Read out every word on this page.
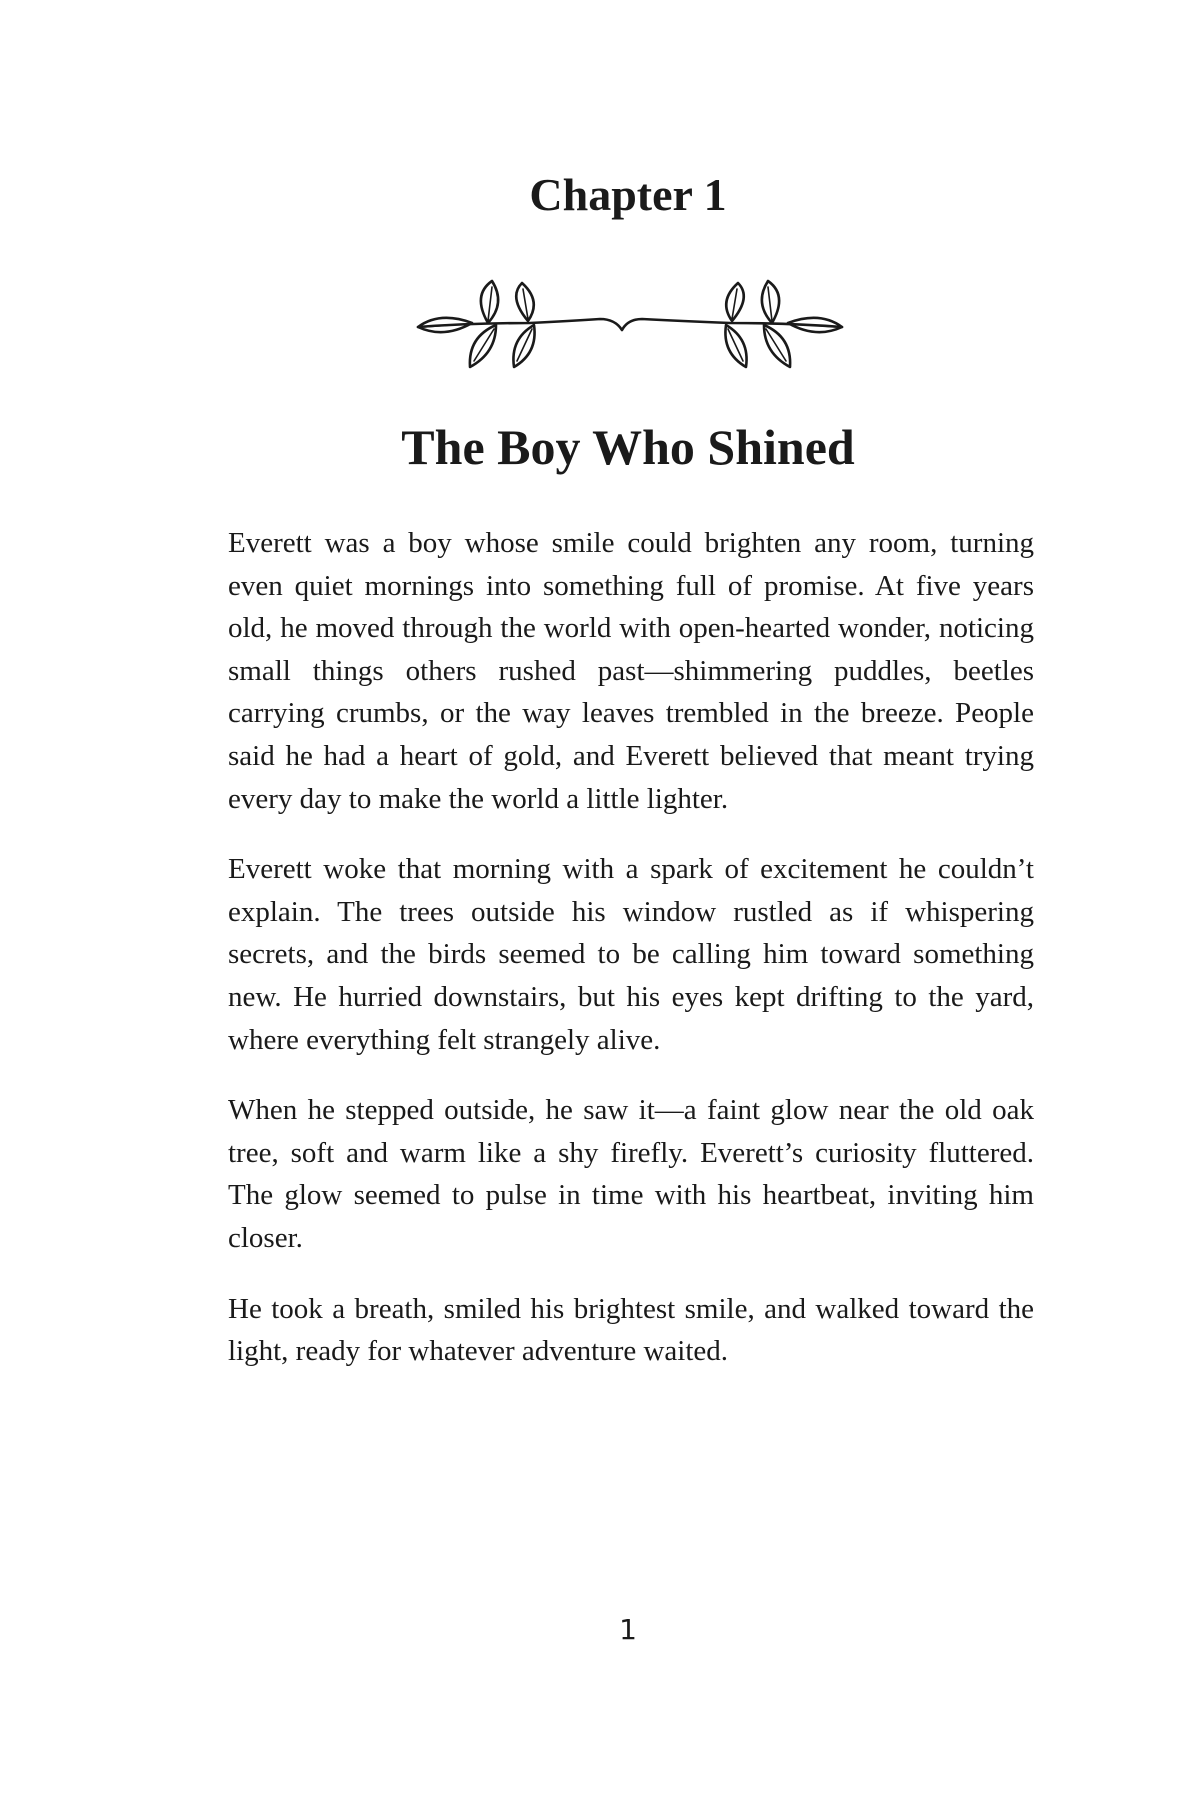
Chapter 1
The Boy Who Shined

Everett was a boy whose smile could brighten any room, turning even quiet mornings into something full of promise. At five years old, he moved through the world with open-hearted wonder, noticing small things others rushed past—shimmering puddles, beetles carrying crumbs, or the way leaves trembled in the breeze. People said he had a heart of gold, and Everett believed that meant trying every day to make the world a little lighter.

Everett woke that morning with a spark of excitement he couldn’t explain. The trees outside his window rustled as if whispering secrets, and the birds seemed to be calling him toward something new. He hurried downstairs, but his eyes kept drifting to the yard, where everything felt strangely alive.

When he stepped outside, he saw it—a faint glow near the old oak tree, soft and warm like a shy firefly. Everett’s curiosity fluttered. The glow seemed to pulse in time with his heartbeat, inviting him closer.

He took a breath, smiled his brightest smile, and walked toward the light, ready for whatever adventure waited.

1
